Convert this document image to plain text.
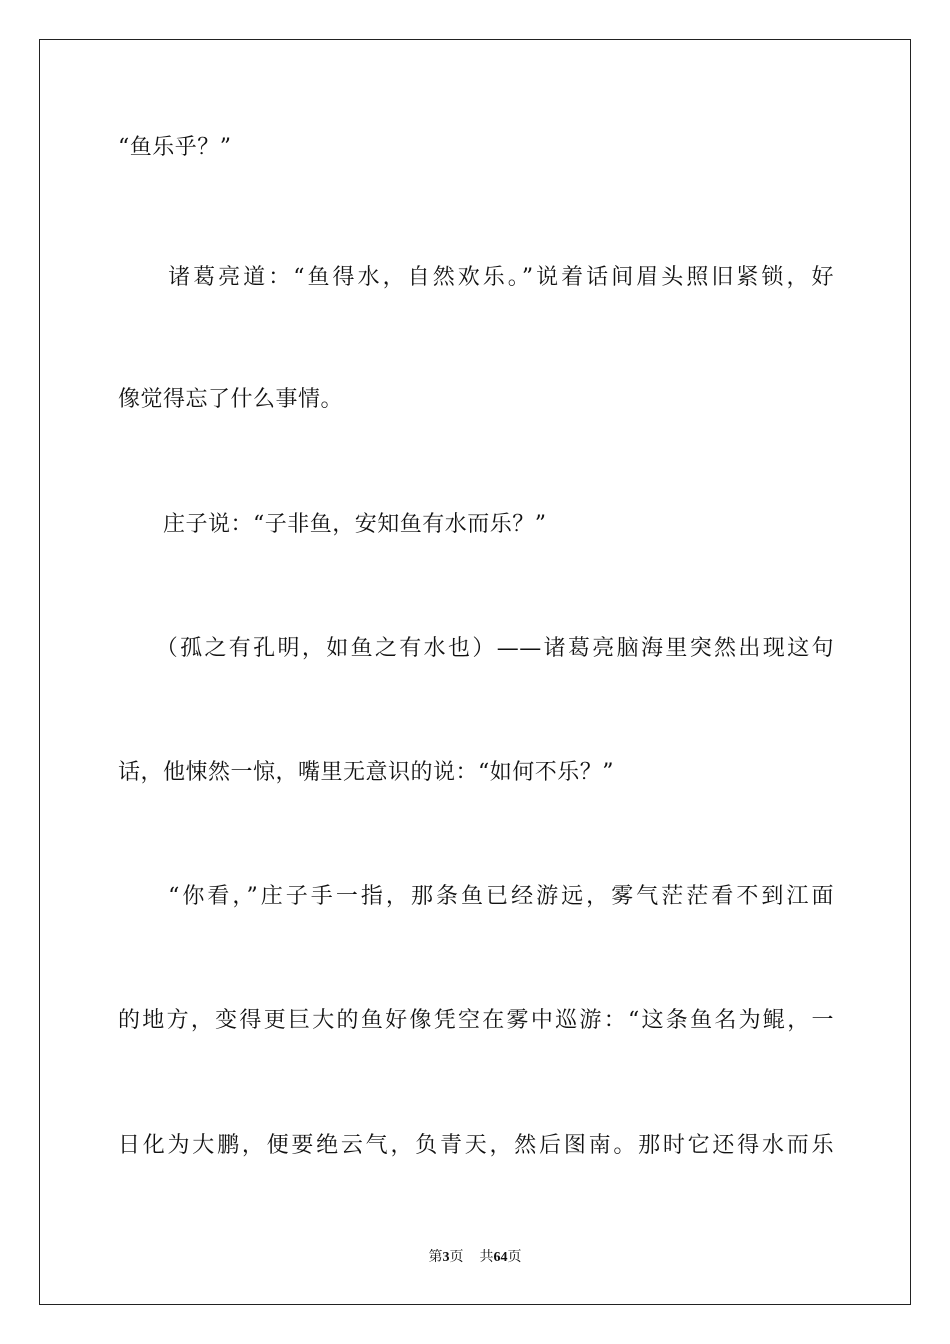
“鱼乐乎？”
　　诸葛亮道：“鱼得水，自然欢乐。”说着话间眉头照旧紧锁，好
像觉得忘了什么事情。
　　庄子说：“子非鱼，安知鱼有水而乐？”
　　（孤之有孔明，如鱼之有水也）——诸葛亮脑海里突然出现这句
话，他悚然一惊，嘴里无意识的说：“如何不乐？”
　　“你看，”庄子手一指，那条鱼已经游远，雾气茫茫看不到江面
的地方，变得更巨大的鱼好像凭空在雾中巡游：“这条鱼名为鲲，一
日化为大鹏，便要绝云气，负青天，然后图南。那时它还得水而乐
第3页 共64页
